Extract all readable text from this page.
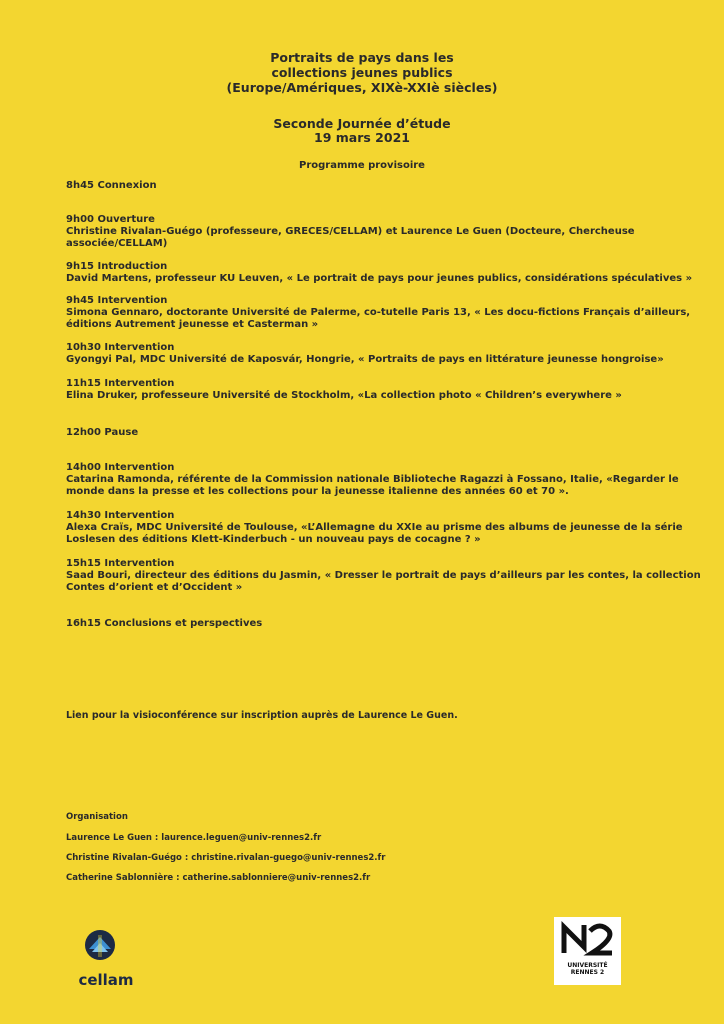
Portraits de pays dans les
collections jeunes publics
(Europe/Amériques, XIXè-XXIè siècles)
Seconde Journée d’étude
19 mars 2021
Programme provisoire
8h45 Connexion
9h00 Ouverture
Christine Rivalan-Guégo (professeure, GRECES/CELLAM) et Laurence Le Guen (Docteure, Chercheuse
associée/CELLAM)
9h15 Introduction
David Martens, professeur KU Leuven, « Le portrait de pays pour jeunes publics, considérations spéculatives »
9h45 Intervention
Simona Gennaro, doctorante Université de Palerme, co-tutelle Paris 13, « Les docu-fictions Français d’ailleurs,
éditions Autrement jeunesse et Casterman »
10h30 Intervention
Gyongyi Pal, MDC Université de Kaposvár, Hongrie, « Portraits de pays en littérature jeunesse hongroise»
11h15 Intervention
Elina Druker, professeure Université de Stockholm, «La collection photo « Children’s everywhere »
12h00 Pause
14h00 Intervention
Catarina Ramonda, référente de la Commission nationale Biblioteche Ragazzi à Fossano, Italie, «Regarder le
monde dans la presse et les collections pour la jeunesse italienne des années 60 et 70 ».
14h30 Intervention
Alexa Craïs, MDC Université de Toulouse, «L’Allemagne du XXIe au prisme des albums de jeunesse de la série
Loslesen des éditions Klett-Kinderbuch - un nouveau pays de cocagne ? »
15h15 Intervention
Saad Bouri, directeur des éditions du Jasmin, « Dresser le portrait de pays d’ailleurs par les contes, la collection
Contes d’orient et d’Occident »
16h15 Conclusions et perspectives
Lien pour la visioconférence sur inscription auprès de Laurence Le Guen.
Organisation
Laurence Le Guen : laurence.leguen@univ-rennes2.fr
Christine Rivalan-Guégo : christine.rivalan-guego@univ-rennes2.fr
Catherine Sablonnière : catherine.sablonniere@univ-rennes2.fr
cellam
UNIVERSITÉ
RENNES 2
